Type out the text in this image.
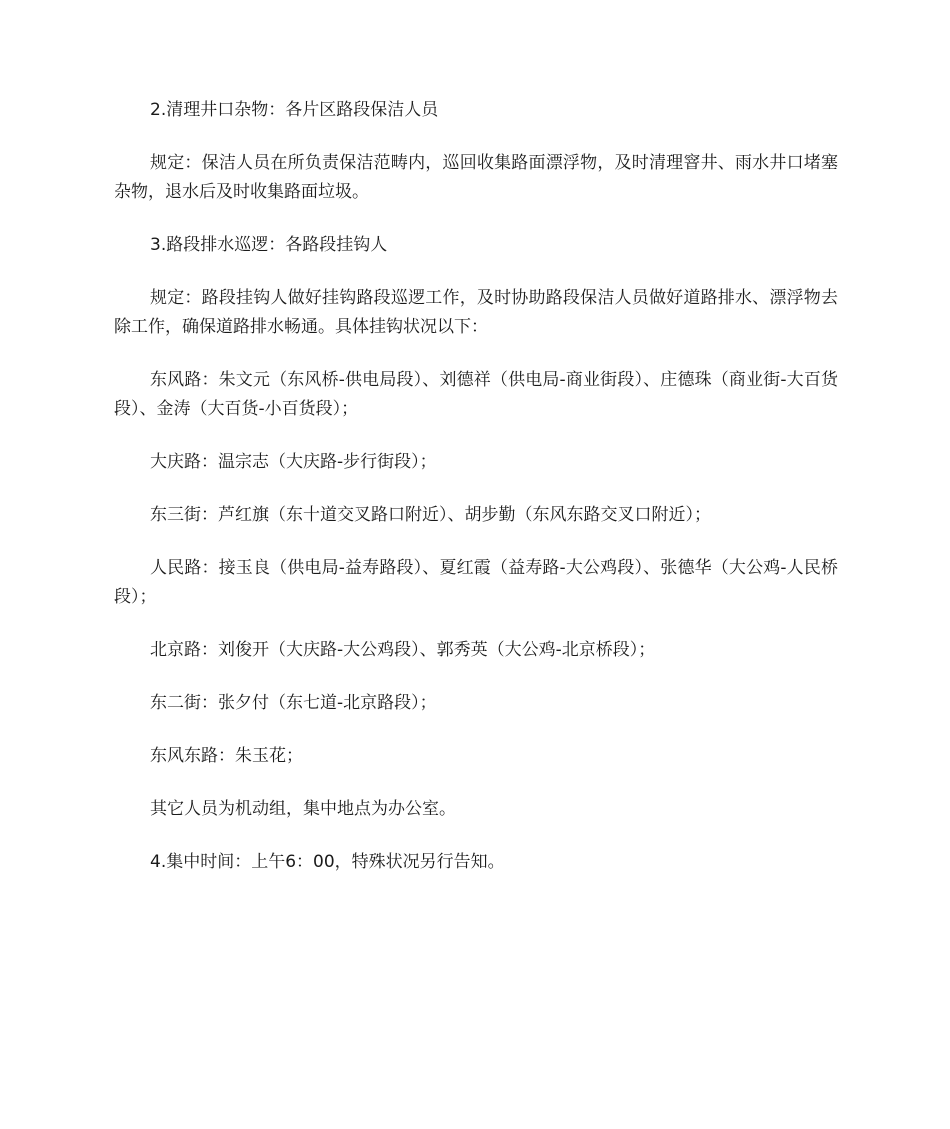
2.清理井口杂物：各片区路段保洁人员

规定：保洁人员在所负责保洁范畴内，巡回收集路面漂浮物，及时清理窨井、雨水井口堵塞杂物，退水后及时收集路面垃圾。

3.路段排水巡逻：各路段挂钩人

规定：路段挂钩人做好挂钩路段巡逻工作，及时协助路段保洁人员做好道路排水、漂浮物去除工作，确保道路排水畅通。具体挂钩状况以下：

东风路：朱文元（东风桥-供电局段）、刘德祥（供电局-商业街段）、庄德珠（商业街-大百货段）、金涛（大百货-小百货段）；

大庆路：温宗志（大庆路-步行街段）；

东三街：芦红旗（东十道交叉路口附近）、胡步勤（东风东路交叉口附近）；

人民路：接玉良（供电局-益寿路段）、夏红霞（益寿路-大公鸡段）、张德华（大公鸡-人民桥段）；

北京路：刘俊开（大庆路-大公鸡段）、郭秀英（大公鸡-北京桥段）；

东二街：张夕付（东七道-北京路段）；

东风东路：朱玉花；

其它人员为机动组，集中地点为办公室。

4.集中时间：上午6：00，特殊状况另行告知。
